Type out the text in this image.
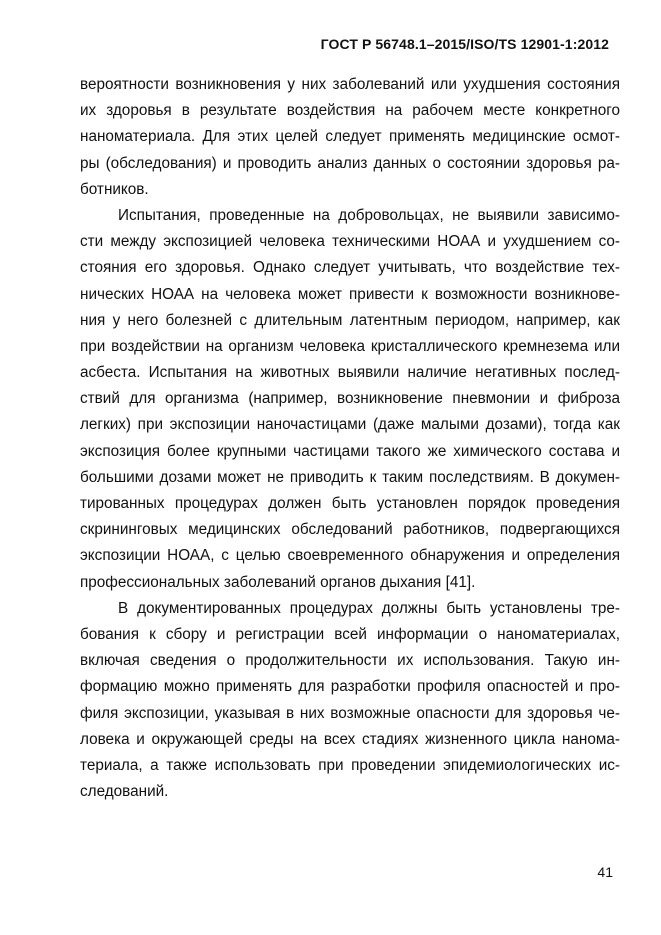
ГОСТ Р 56748.1–2015/ISO/TS 12901-1:2012
вероятности возникновения у них заболеваний или ухудшения состояния
их здоровья в результате воздействия на рабочем месте конкретного
наноматериала. Для этих целей следует применять медицинские осмот-
ры (обследования) и проводить анализ данных о состоянии здоровья ра-
ботников.
Испытания, проведенные на добровольцах, не выявили зависимо-
сти между экспозицией человека техническими НОАА и ухудшением со-
стояния его здоровья. Однако следует учитывать, что воздействие тех-
нических НОАА на человека может привести к возможности возникнове-
ния у него болезней с длительным латентным периодом, например, как
при воздействии на организм человека кристаллического кремнезема или
асбеста. Испытания на животных выявили наличие негативных послед-
ствий для организма (например, возникновение пневмонии и фиброза
легких) при экспозиции наночастицами (даже малыми дозами), тогда как
экспозиция более крупными частицами такого же химического состава и
большими дозами может не приводить к таким последствиям. В докумен-
тированных процедурах должен быть установлен порядок проведения
скрининговых медицинских обследований работников, подвергающихся
экспозиции НОАА, с целью своевременного обнаружения и определения
профессиональных заболеваний органов дыхания [41].
В документированных процедурах должны быть установлены тре-
бования к сбору и регистрации всей информации о наноматериалах,
включая сведения о продолжительности их использования. Такую ин-
формацию можно применять для разработки профиля опасностей и про-
филя экспозиции, указывая в них возможные опасности для здоровья че-
ловека и окружающей среды на всех стадиях жизненного цикла нанома-
териала, а также использовать при проведении эпидемиологических ис-
следований.
41
